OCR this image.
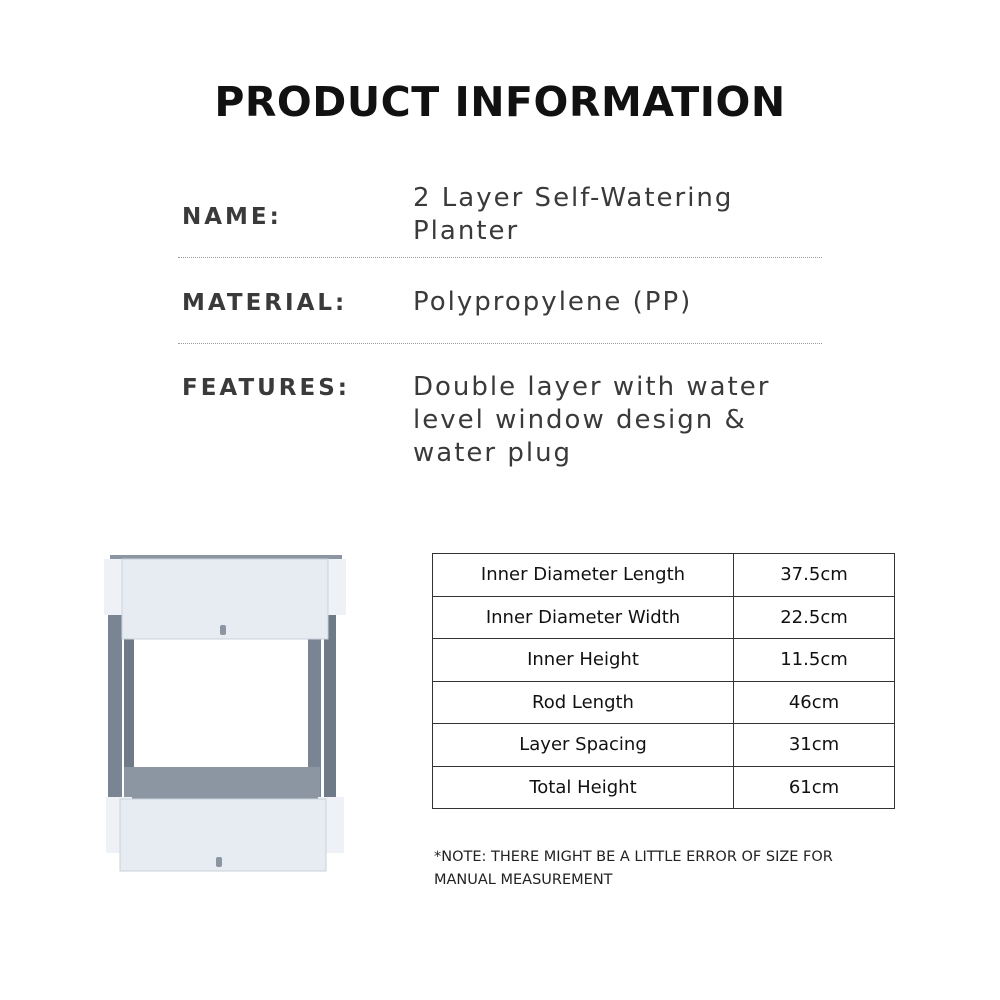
PRODUCT INFORMATION
NAME:
2 Layer Self-Watering
Planter
MATERIAL:	Polypropylene (PP)
FEATURES: Double layer with water
level window design &
water plug
Inner Diameter Length	37.5cm
Inner Diameter Width	22.5cm
Inner Height	11.5cm
Rod Length	46cm
Layer Spacing	31cm
Total Height	61cm
*NOTE: THERE MIGHT BE A LITTLE ERROR OF SIZE FOR
MANUAL MEASUREMENT
